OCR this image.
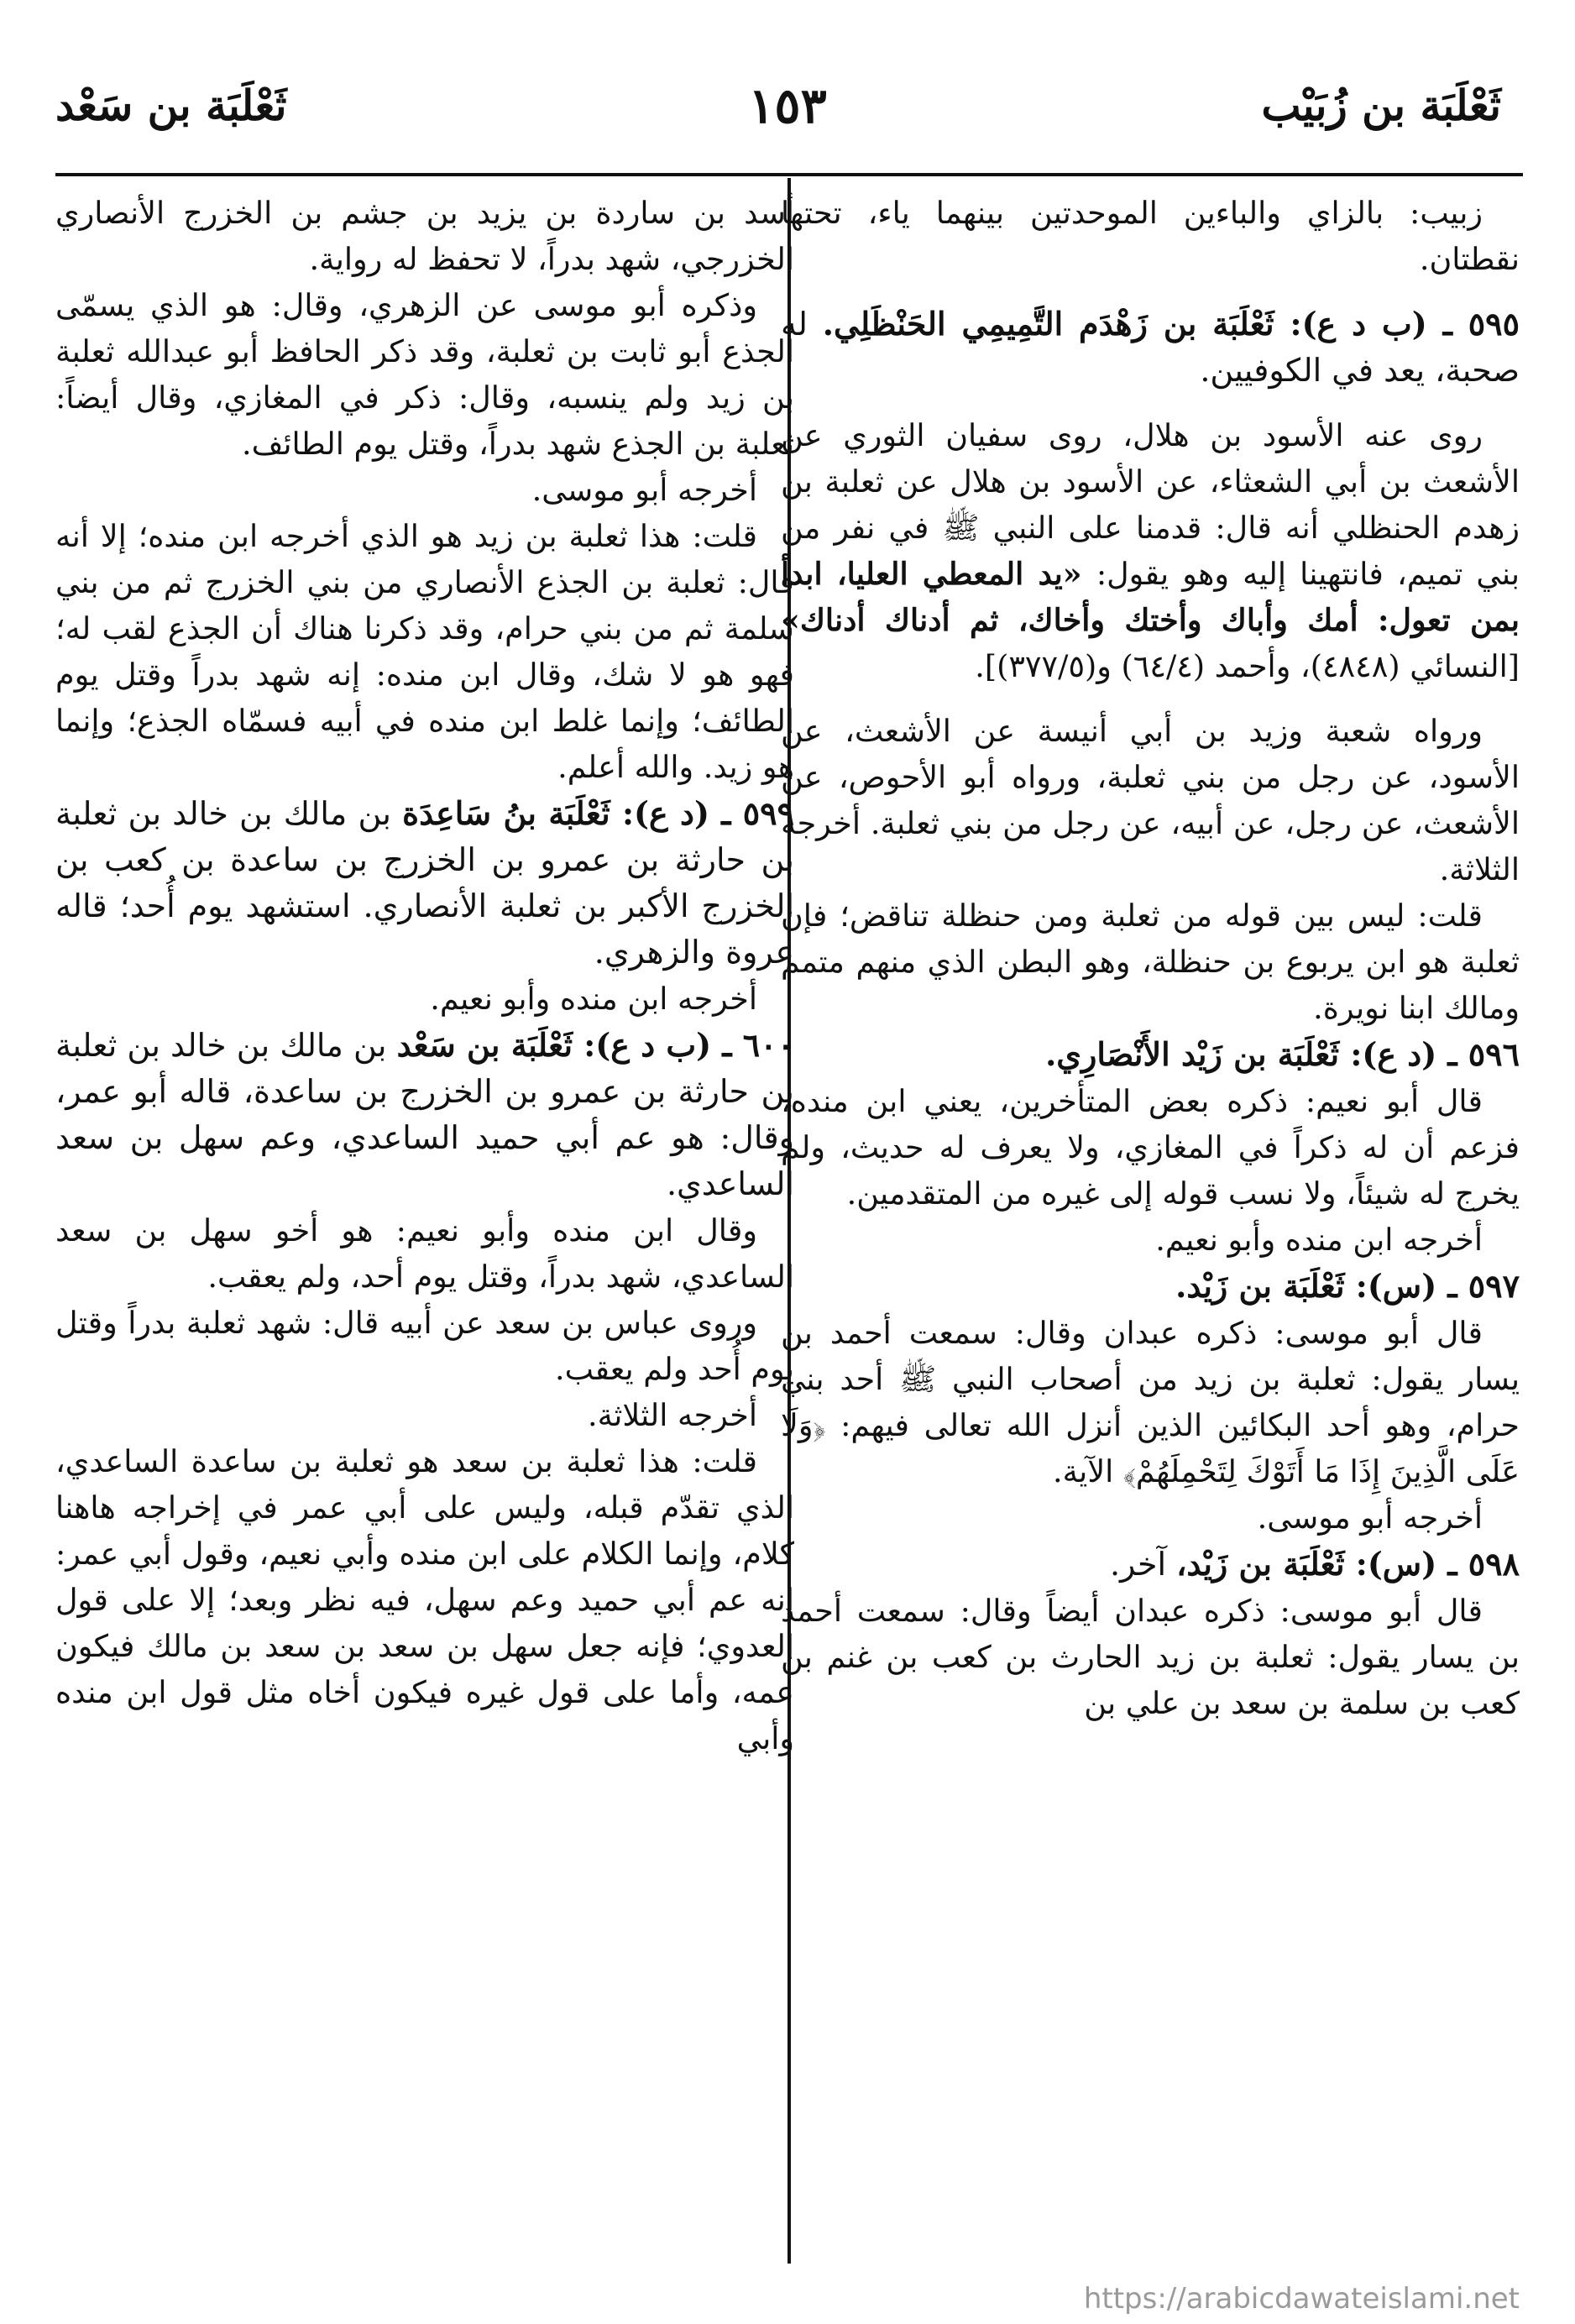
ثَعْلَبَة بن زُبَيْب
١٥٣
ثَعْلَبَة بن سَعْد

زبيب: بالزاي والباءين الموحدتين بينهما ياء، تحتها نقطتان.

٥٩٥ ـ (ب د ع): ثَعْلَبَة بن زَهْدَم التَّمِيمِي الحَنْظَلِي. له صحبة، يعد في الكوفيين.

روى عنه الأسود بن هلال، روى سفيان الثوري عن الأشعث بن أبي الشعثاء، عن الأسود بن هلال عن ثعلبة بن زهدم الحنظلي أنه قال: قدمنا على النبي ﷺ في نفر من بني تميم، فانتهينا إليه وهو يقول: «يد المعطي العليا، ابدأ بمن تعول: أمك وأباك وأختك وأخاك، ثم أدناك أدناك» [النسائي (٤٨٤٨)، وأحمد (٦٤/٤) و(٣٧٧/٥)].

ورواه شعبة وزيد بن أبي أنيسة عن الأشعث، عن الأسود، عن رجل من بني ثعلبة، ورواه أبو الأحوص، عن الأشعث، عن رجل، عن أبيه، عن رجل من بني ثعلبة. أخرجه الثلاثة.

قلت: ليس بين قوله من ثعلبة ومن حنظلة تناقض؛ فإن ثعلبة هو ابن يربوع بن حنظلة، وهو البطن الذي منهم متمم ومالك ابنا نويرة.

٥٩٦ ـ (د ع): ثَعْلَبَة بن زَيْد الأَنْصَارِي.

قال أبو نعيم: ذكره بعض المتأخرين، يعني ابن منده، فزعم أن له ذكراً في المغازي، ولا يعرف له حديث، ولم يخرج له شيئاً، ولا نسب قوله إلى غيره من المتقدمين.

أخرجه ابن منده وأبو نعيم.

٥٩٧ ـ (س): ثَعْلَبَة بن زَيْد.

قال أبو موسى: ذكره عبدان وقال: سمعت أحمد بن يسار يقول: ثعلبة بن زيد من أصحاب النبي ﷺ أحد بني حرام، وهو أحد البكائين الذين أنزل الله تعالى فيهم: ﴿وَلَا عَلَى الَّذِينَ إِذَا مَا أَتَوْكَ لِتَحْمِلَهُمْ﴾ الآية.

أخرجه أبو موسى.

٥٩٨ ـ (س): ثَعْلَبَة بن زَيْد، آخر.

قال أبو موسى: ذكره عبدان أيضاً وقال: سمعت أحمد بن يسار يقول: ثعلبة بن زيد الحارث بن كعب بن غنم بن كعب بن سلمة بن سعد بن علي بن

أسد بن ساردة بن يزيد بن جشم بن الخزرج الأنصاري الخزرجي، شهد بدراً، لا تحفظ له رواية.

وذكره أبو موسى عن الزهري، وقال: هو الذي يسمّى الجذع أبو ثابت بن ثعلبة، وقد ذكر الحافظ أبو عبدالله ثعلبة بن زيد ولم ينسبه، وقال: ذكر في المغازي، وقال أيضاً: ثعلبة بن الجذع شهد بدراً، وقتل يوم الطائف.

أخرجه أبو موسى.

قلت: هذا ثعلبة بن زيد هو الذي أخرجه ابن منده؛ إلا أنه قال: ثعلبة بن الجذع الأنصاري من بني الخزرج ثم من بني سلمة ثم من بني حرام، وقد ذكرنا هناك أن الجذع لقب له؛ فهو هو لا شك، وقال ابن منده: إنه شهد بدراً وقتل يوم الطائف؛ وإنما غلط ابن منده في أبيه فسمّاه الجذع؛ وإنما هو زيد. والله أعلم.

٥٩٩ ـ (د ع): ثَعْلَبَة بنُ سَاعِدَة بن مالك بن خالد بن ثعلبة بن حارثة بن عمرو بن الخزرج بن ساعدة بن كعب بن الخزرج الأكبر بن ثعلبة الأنصاري. استشهد يوم أُحد؛ قاله عروة والزهري.

أخرجه ابن منده وأبو نعيم.

٦٠٠ ـ (ب د ع): ثَعْلَبَة بن سَعْد بن مالك بن خالد بن ثعلبة بن حارثة بن عمرو بن الخزرج بن ساعدة، قاله أبو عمر، وقال: هو عم أبي حميد الساعدي، وعم سهل بن سعد الساعدي.

وقال ابن منده وأبو نعيم: هو أخو سهل بن سعد الساعدي، شهد بدراً، وقتل يوم أحد، ولم يعقب.

وروى عباس بن سعد عن أبيه قال: شهد ثعلبة بدراً وقتل يوم أُحد ولم يعقب.

أخرجه الثلاثة.

قلت: هذا ثعلبة بن سعد هو ثعلبة بن ساعدة الساعدي، الذي تقدّم قبله، وليس على أبي عمر في إخراجه هاهنا كلام، وإنما الكلام على ابن منده وأبي نعيم، وقول أبي عمر: إنه عم أبي حميد وعم سهل، فيه نظر وبعد؛ إلا على قول العدوي؛ فإنه جعل سهل بن سعد بن سعد بن مالك فيكون عمه، وأما على قول غيره فيكون أخاه مثل قول ابن منده وأبي

https://arabicdawateislami.net
